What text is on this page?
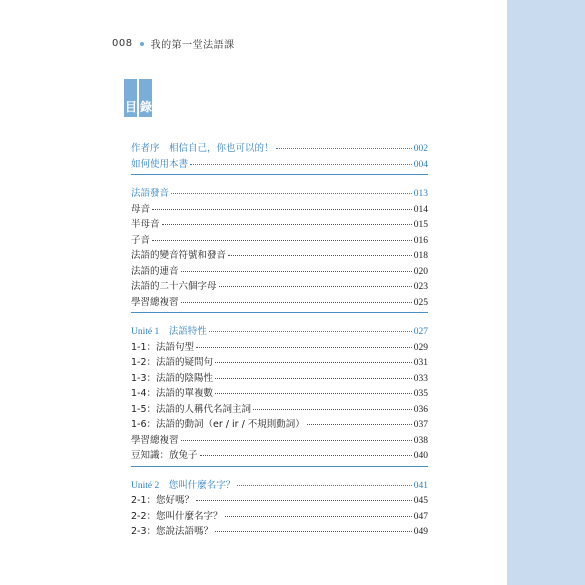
008 我的第一堂法語課
目錄
作者序　相信自己，你也可以的！	002
如何使用本書	004
法語發音	013
母音	014
半母音	015
子音	016
法語的變音符號和發音	018
法語的連音	020
法語的二十六個字母	023
學習總複習	025
Unité 1　法語特性	027
1-1：法語句型	029
1-2：法語的疑問句	031
1-3：法語的陰陽性	033
1-4：法語的單複數	035
1-5：法語的人稱代名詞主詞	036
1-6：法語的動詞（er / ir / 不規則動詞）	037
學習總複習	038
豆知識：放兔子	040
Unité 2　您叫什麼名字？	041
2-1：您好嗎？	045
2-2：您叫什麼名字？	047
2-3：您說法語嗎？	049
